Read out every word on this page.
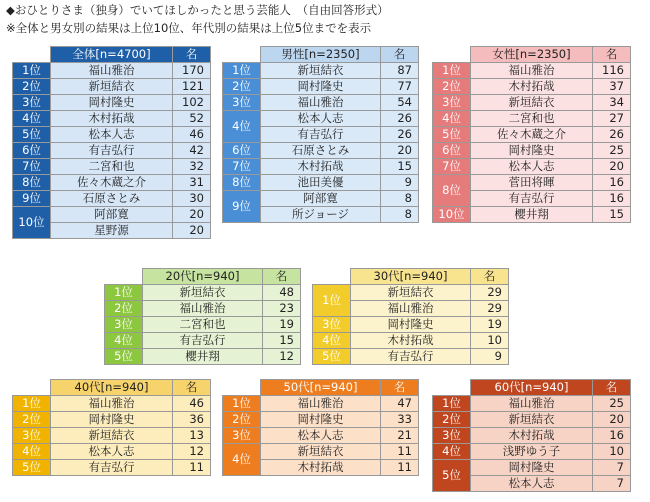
◆おひとりさま（独身）でいてほしかったと思う芸能人　（自由回答形式）
※全体と男女別の結果は上位10位、年代別の結果は上位5位までを表示
	全体[n=4700]	名
1位	福山雅治	170
2位	新垣結衣	121
3位	岡村隆史	102
4位	木村拓哉	52
5位	松本人志	46
6位	有吉弘行	42
7位	二宮和也	32
8位	佐々木蔵之介	31
9位	石原さとみ	30
10位	阿部寛	20
	星野源	20
	男性[n=2350]	名
1位	新垣結衣	87
2位	岡村隆史	77
3位	福山雅治	54
4位	松本人志	26
	有吉弘行	26
6位	石原さとみ	20
7位	木村拓哉	15
8位	池田美優	9
9位	阿部寛	8
	所ジョージ	8
	女性[n=2350]	名
1位	福山雅治	116
2位	木村拓哉	37
3位	新垣結衣	34
4位	二宮和也	27
5位	佐々木蔵之介	26
6位	岡村隆史	25
7位	松本人志	20
8位	菅田将暉	16
	有吉弘行	16
10位	櫻井翔	15
	20代[n=940]	名
1位	新垣結衣	48
2位	福山雅治	23
3位	二宮和也	19
4位	有吉弘行	15
5位	櫻井翔	12
	30代[n=940]	名
1位	新垣結衣	29
	福山雅治	29
3位	岡村隆史	19
4位	木村拓哉	10
5位	有吉弘行	9
	40代[n=940]	名
1位	福山雅治	46
2位	岡村隆史	36
3位	新垣結衣	13
4位	松本人志	12
5位	有吉弘行	11
	50代[n=940]	名
1位	福山雅治	47
2位	岡村隆史	33
3位	松本人志	21
4位	新垣結衣	11
	木村拓哉	11
	60代[n=940]	名
1位	福山雅治	25
2位	新垣結衣	20
3位	木村拓哉	16
4位	浅野ゆう子	10
5位	岡村隆史	7
	松本人志	7
